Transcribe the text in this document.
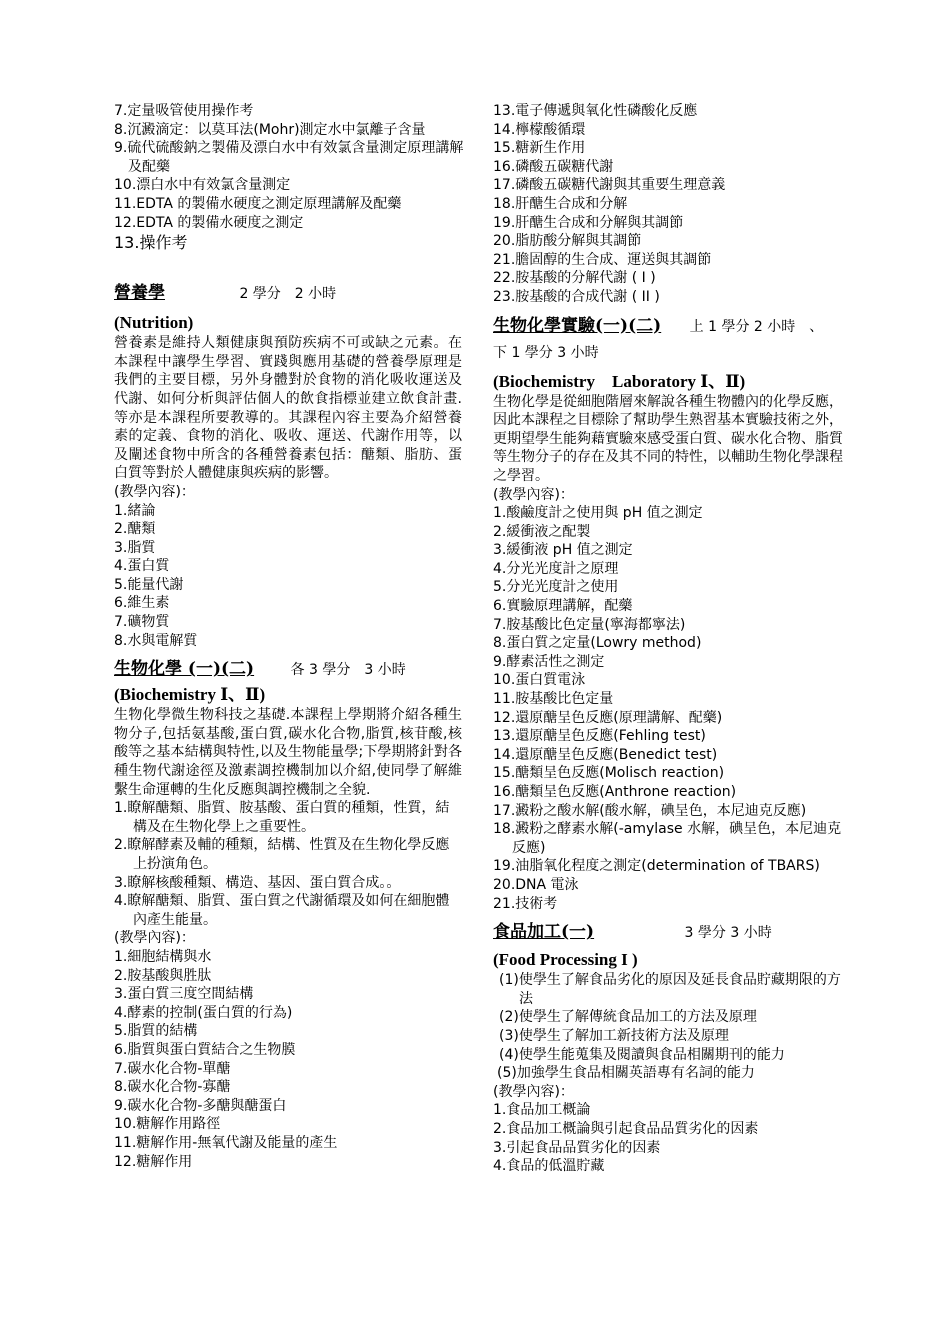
7.定量吸管使用操作考
8.沉澱滴定：以莫耳法(Mohr)測定水中氯離子含量
9.硫代硫酸鈉之製備及漂白水中有效氯含量測定原理講解及配藥
10.漂白水中有效氯含量測定
11.EDTA 的製備水硬度之測定原理講解及配藥
12.EDTA 的製備水硬度之測定
13.操作考
營養學	2 學分　2 小時
(Nutrition)
營養素是維持人類健康與預防疾病不可或缺之元素。在本課程中讓學生學習、實踐與應用基礎的營養學原理是我們的主要目標，另外身體對於食物的消化吸收運送及代謝、如何分析與評估個人的飲食指標並建立飲食計畫.等亦是本課程所要教導的。其課程內容主要為介紹營養素的定義、食物的消化、吸收、運送、代謝作用等，以及闡述食物中所含的各種營養素包括：醣類、脂肪、蛋白質等對於人體健康與疾病的影響。
(教學內容)：
1.緒論
2.醣類
3.脂質
4.蛋白質
5.能量代謝
6.維生素
7.礦物質
8.水與電解質
生物化學 (一)(二)	各 3 學分　3 小時
(Biochemistry Ⅰ、Ⅱ)
生物化學微生物科技之基礎.本課程上學期將介紹各種生物分子,包括氨基酸,蛋白質,碳水化合物,脂質,核苷酸,核酸等之基本結構與特性,以及生物能量學;下學期將針對各種生物代謝途徑及激素調控機制加以介紹,使同學了解維繫生命運轉的生化反應與調控機制之全貌.
1.瞭解醣類、脂質、胺基酸、蛋白質的種類，性質，結構及在生物化學上之重要性。
2.瞭解酵素及輔的種類，結構、性質及在生物化學反應上扮演角色。
3.瞭解核酸種類、構造、基因、蛋白質合成。。
4.瞭解醣類、脂質、蛋白質之代謝循環及如何在細胞體內產生能量。
(教學內容)：
1.細胞結構與水
2.胺基酸與胜肽
3.蛋白質三度空間結構
4.酵素的控制(蛋白質的行為)
5.脂質的結構
6.脂質與蛋白質結合之生物膜
7.碳水化合物-單醣
8.碳水化合物-寡醣
9.碳水化合物-多醣與醣蛋白
10.糖解作用路徑
11.糖解作用-無氧代謝及能量的產生
12.糖解作用
13.電子傳遞與氧化性磷酸化反應
14.檸檬酸循環
15.糖新生作用
16.磷酸五碳糖代謝
17.磷酸五碳糖代謝與其重要生理意義
18.肝醣生合成和分解
19.肝醣生合成和分解與其調節
20.脂肪酸分解與其調節
21.膽固醇的生合成、運送與其調節
22.胺基酸的分解代謝 ( I )
23.胺基酸的合成代謝 ( II )
生物化學實驗(一)(二) 上 1 學分 2 小時　、
下 1 學分 3 小時
(Biochemistry　Laboratory Ⅰ、Ⅱ)
生物化學是從細胞階層來解說各種生物體內的化學反應，因此本課程之目標除了幫助學生熟習基本實驗技術之外，更期望學生能夠藉實驗來感受蛋白質、碳水化合物、脂質等生物分子的存在及其不同的特性，以輔助生物化學課程之學習。
(教學內容)：
1.酸鹼度計之使用與 pH 值之測定
2.緩衝液之配製
3.緩衝液 pH 值之測定
4.分光光度計之原理
5.分光光度計之使用
6.實驗原理講解，配藥
7.胺基酸比色定量(寧海都寧法)
8.蛋白質之定量(Lowry method)
9.酵素活性之測定
10.蛋白質電泳
11.胺基酸比色定量
12.還原醣呈色反應(原理講解、配藥)
13.還原醣呈色反應(Fehling test)
14.還原醣呈色反應(Benedict test)
15.醣類呈色反應(Molisch reaction)
16.醣類呈色反應(Anthrone reaction)
17.澱粉之酸水解(酸水解，碘呈色，本尼迪克反應)
18.澱粉之酵素水解(-amylase 水解，碘呈色，本尼迪克反應)
19.油脂氧化程度之測定(determination of TBARS)
20.DNA 電泳
21.技術考
食品加工(一)	3 學分 3 小時
(Food Processing I )
(1)使學生了解食品劣化的原因及延長食品貯藏期限的方法
(2)使學生了解傳統食品加工的方法及原理
(3)使學生了解加工新技術方法及原理
(4)使學生能蒐集及閱讀與食品相關期刊的能力
(5)加強學生食品相關英語專有名詞的能力
(教學內容)：
1.食品加工概論
2.食品加工概論與引起食品品質劣化的因素
3.引起食品品質劣化的因素
4.食品的低溫貯藏
